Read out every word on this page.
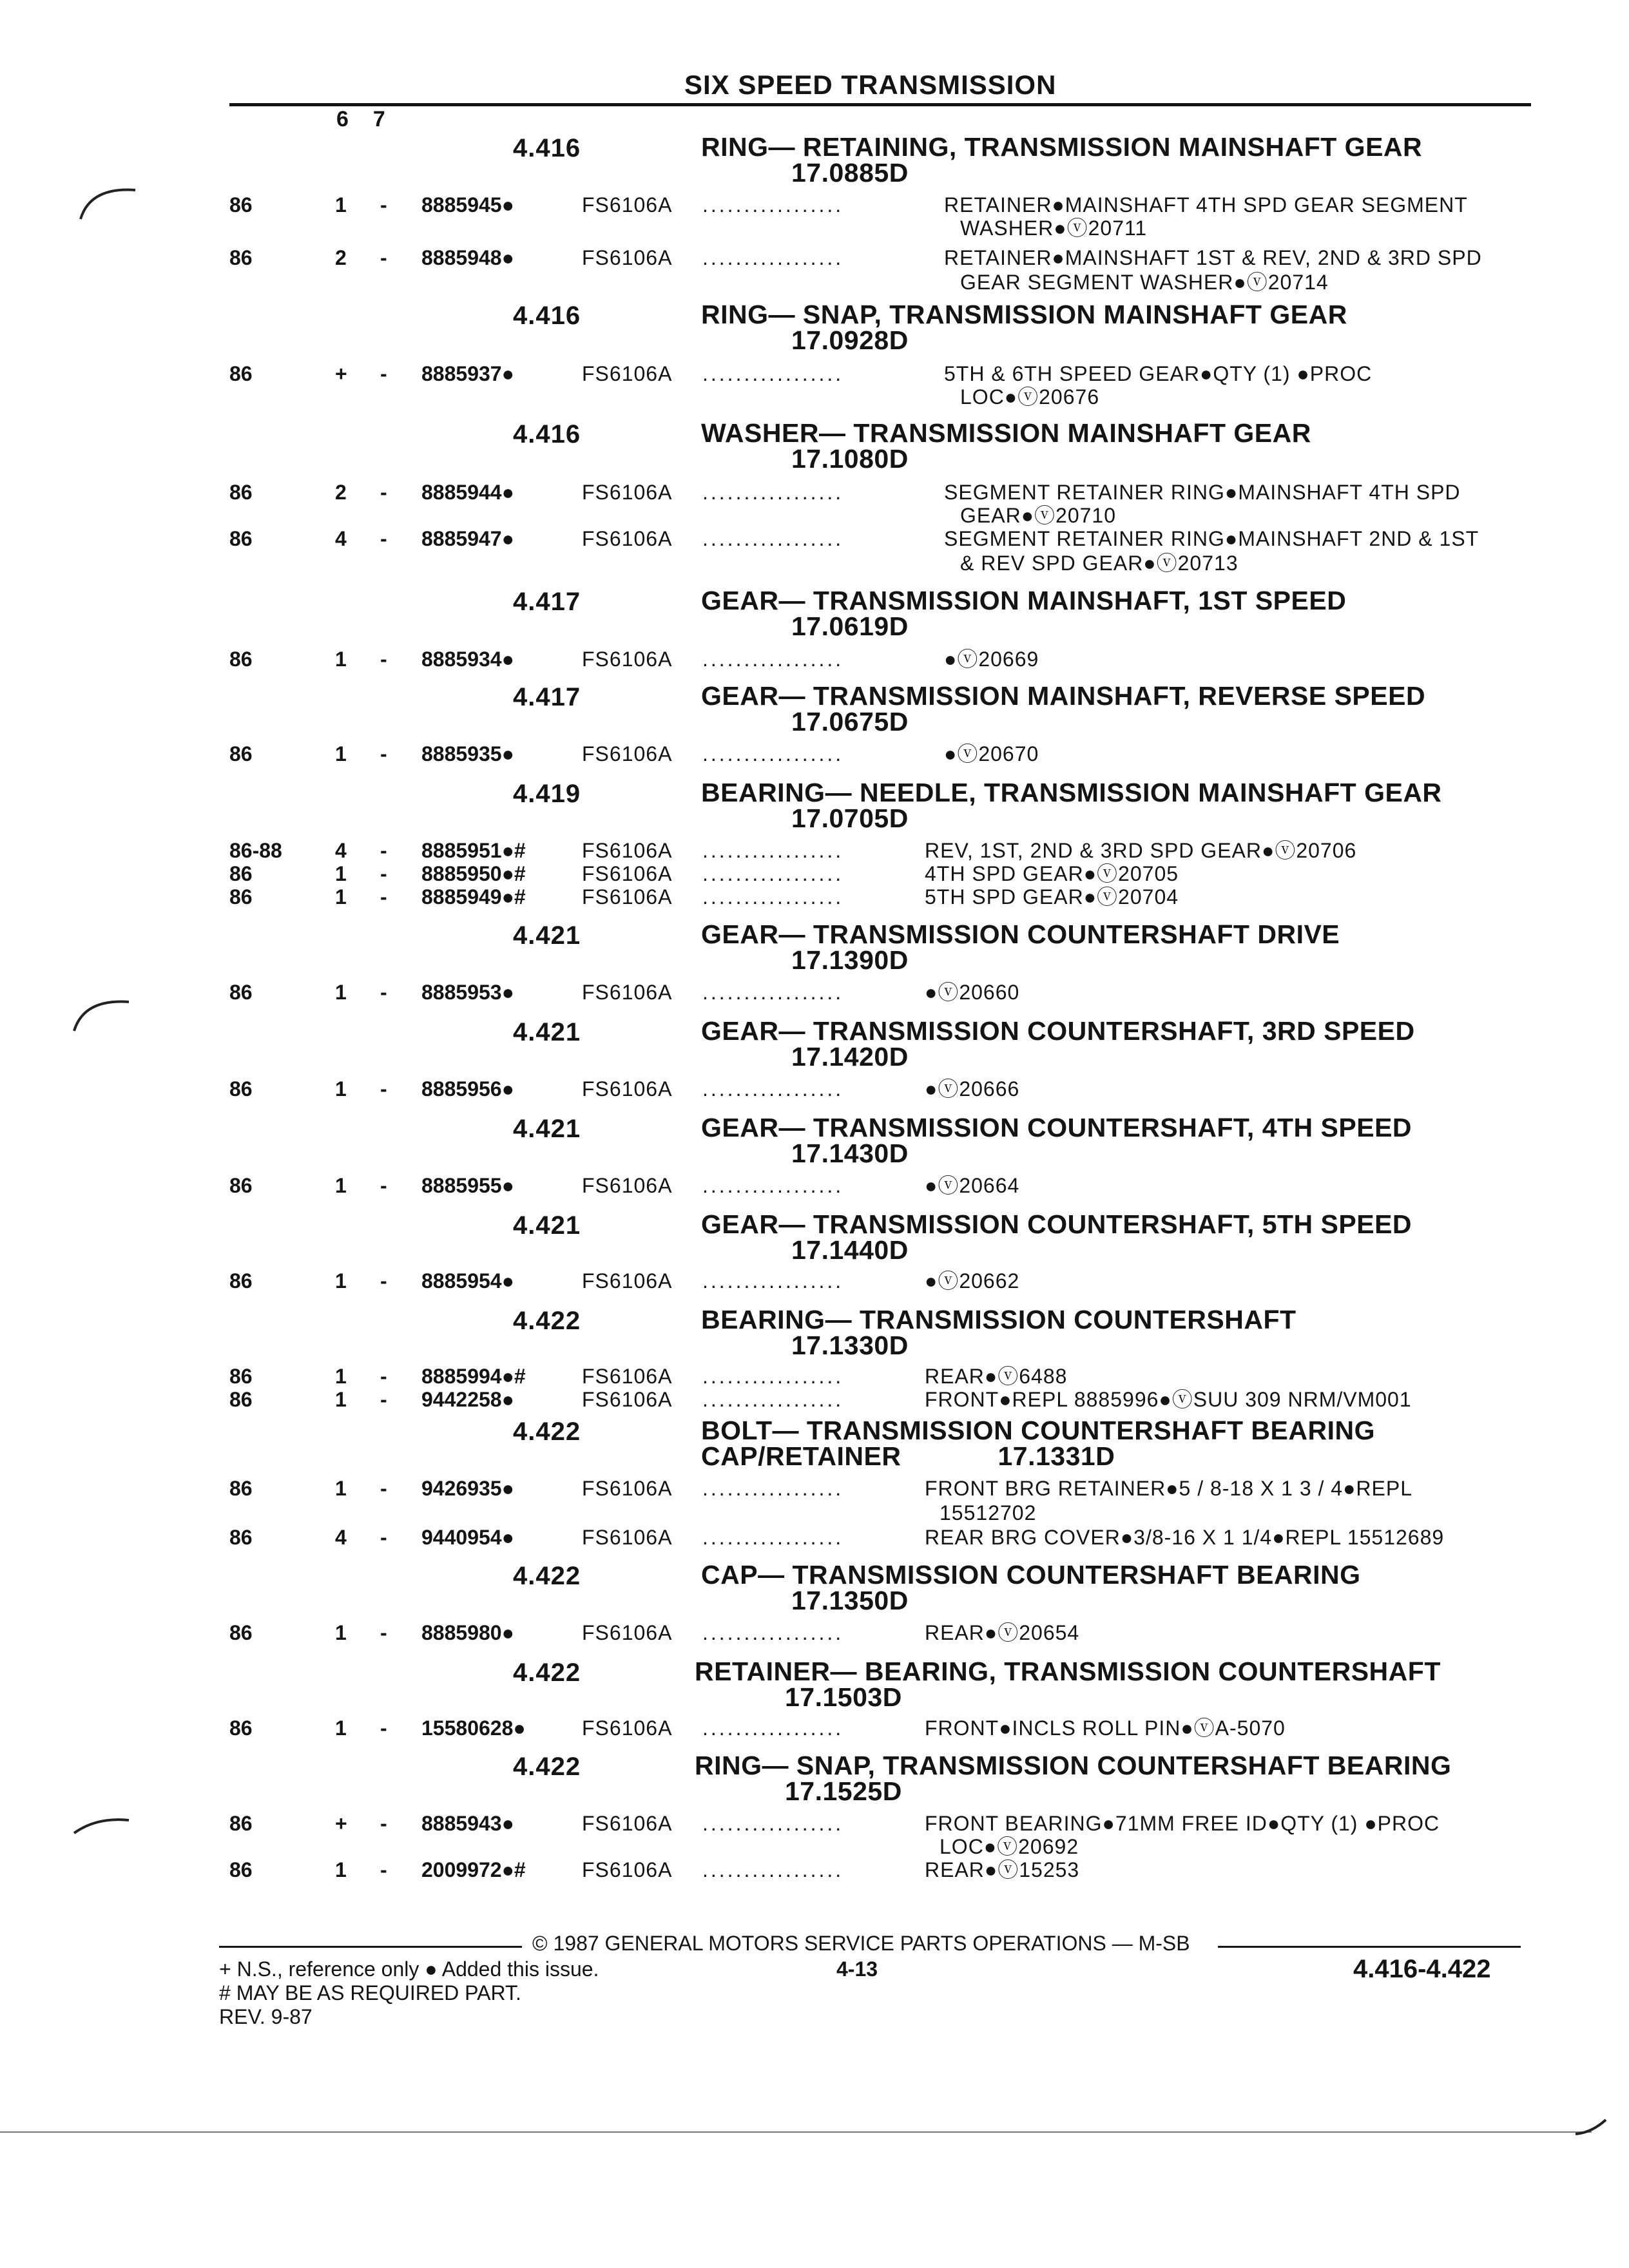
SIX SPEED TRANSMISSION
6 7
4.416	RING— RETAINING, TRANSMISSION MAINSHAFT GEAR
17.0885D
86	1 - 8885945●	FS6106A .................	RETAINER●MAINSHAFT 4TH SPD GEAR SEGMENT
WASHER●ⓥ20711
86	2 - 8885948●	FS6106A .................	RETAINER●MAINSHAFT 1ST & REV, 2ND & 3RD SPD
GEAR SEGMENT WASHER●ⓥ20714
4.416	RING— SNAP, TRANSMISSION MAINSHAFT GEAR
17.0928D
86	+ - 8885937●	FS6106A .................	5TH & 6TH SPEED GEAR●QTY (1) ●PROC
LOC●ⓥ20676
4.416	WASHER— TRANSMISSION MAINSHAFT GEAR
17.1080D
86	2 - 8885944●	FS6106A .................	SEGMENT RETAINER RING●MAINSHAFT 4TH SPD
GEAR●ⓥ20710
86	4 - 8885947●	FS6106A .................	SEGMENT RETAINER RING●MAINSHAFT 2ND & 1ST
& REV SPD GEAR●ⓥ20713
4.417	GEAR— TRANSMISSION MAINSHAFT, 1ST SPEED
17.0619D
86	1 - 8885934●	FS6106A .................	●ⓥ20669
4.417	GEAR— TRANSMISSION MAINSHAFT, REVERSE SPEED
17.0675D
86	1 - 8885935●	FS6106A .................	●ⓥ20670
4.419	BEARING— NEEDLE, TRANSMISSION MAINSHAFT GEAR
17.0705D
86-88	4 - 8885951●#	FS6106A .................	REV, 1ST, 2ND & 3RD SPD GEAR●ⓥ20706
86	1 - 8885950●#	FS6106A .................	4TH SPD GEAR●ⓥ20705
86	1 - 8885949●#	FS6106A .................	5TH SPD GEAR●ⓥ20704
4.421	GEAR— TRANSMISSION COUNTERSHAFT DRIVE
17.1390D
86	1 - 8885953●	FS6106A .................	●ⓥ20660
4.421	GEAR— TRANSMISSION COUNTERSHAFT, 3RD SPEED
17.1420D
86	1 - 8885956●	FS6106A .................	●ⓥ20666
4.421	GEAR— TRANSMISSION COUNTERSHAFT, 4TH SPEED
17.1430D
86	1 - 8885955●	FS6106A .................	●ⓥ20664
4.421	GEAR— TRANSMISSION COUNTERSHAFT, 5TH SPEED
17.1440D
86	1 - 8885954●	FS6106A .................	●ⓥ20662
4.422	BEARING— TRANSMISSION COUNTERSHAFT
17.1330D
86	1 - 8885994●#	FS6106A .................	REAR●ⓥ6488
86	1 - 9442258●	FS6106A .................	FRONT●REPL 8885996●ⓥSUU 309 NRM/VM001
4.422	BOLT— TRANSMISSION COUNTERSHAFT BEARING
CAP/RETAINER	17.1331D
86	1 - 9426935●	FS6106A .................	FRONT BRG RETAINER●5 / 8-18 X 1 3 / 4●REPL
15512702
86	4 - 9440954●	FS6106A .................	REAR BRG COVER●3/8-16 X 1 1/4●REPL 15512689
4.422	CAP— TRANSMISSION COUNTERSHAFT BEARING
17.1350D
86	1 - 8885980●	FS6106A .................	REAR●ⓥ20654
4.422	RETAINER— BEARING, TRANSMISSION COUNTERSHAFT
17.1503D
86	1 - 15580628●	FS6106A .................	FRONT●INCLS ROLL PIN●ⓥA-5070
4.422	RING— SNAP, TRANSMISSION COUNTERSHAFT BEARING
17.1525D
86	+ - 8885943●	FS6106A .................	FRONT BEARING●71MM FREE ID●QTY (1) ●PROC
LOC●ⓥ20692
86	1 - 2009972●#	FS6106A .................	REAR●ⓥ15253
© 1987 GENERAL MOTORS SERVICE PARTS OPERATIONS — M-SB
+ N.S., reference only ● Added this issue.	4-13	4.416-4.422
# MAY BE AS REQUIRED PART.
REV. 9-87
